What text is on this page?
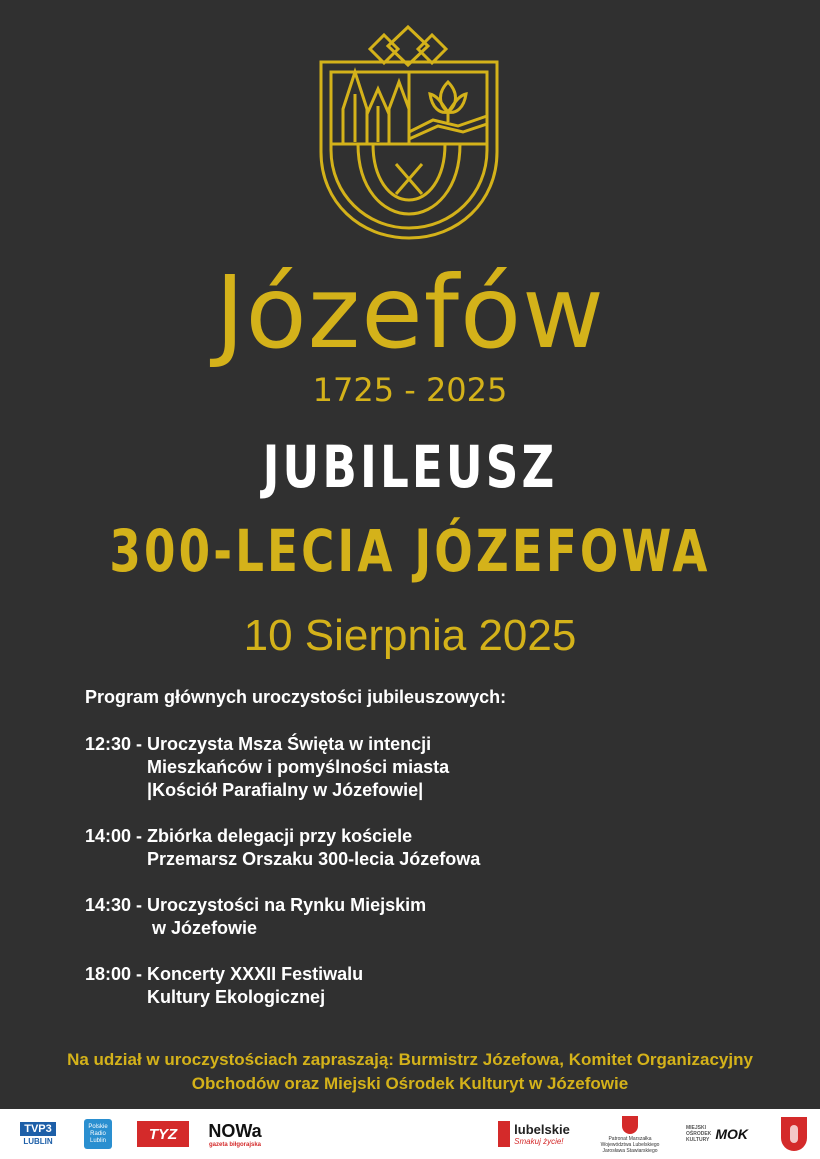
Józefów
1725 - 2025
JUBILEUSZ
300-LECIA JÓZEFOWA
10 Sierpnia 2025
Program głównych uroczystości jubileuszowych:
12:30 - Uroczysta Msza Święta w intencji
Mieszkańców i pomyślności miasta
|Kościół Parafialny w Józefowie|
14:00 - Zbiórka delegacji przy kościele
Przemarsz Orszaku 300-lecia Józefowa
14:30 - Uroczystości na Rynku Miejskim
w Józefowie
18:00 - Koncerty XXXII Festiwalu
Kultury Ekologicznej
Na udział w uroczystościach zapraszają: Burmistrz Józefowa, Komitet Organizacyjny
Obchodów oraz Miejski Ośrodek Kulturyt w Józefowie
TVP3
LUBLIN
Polskie Radio Lublin	TYZ NOWa
gazeta biłgorajska
lubelskie
Smakuj życie!	Patronat Marszałka Województwa Lubelskiego Jarosława Stawiarskiego
MIEJSKI OŚRODEK KULTURY MOK
